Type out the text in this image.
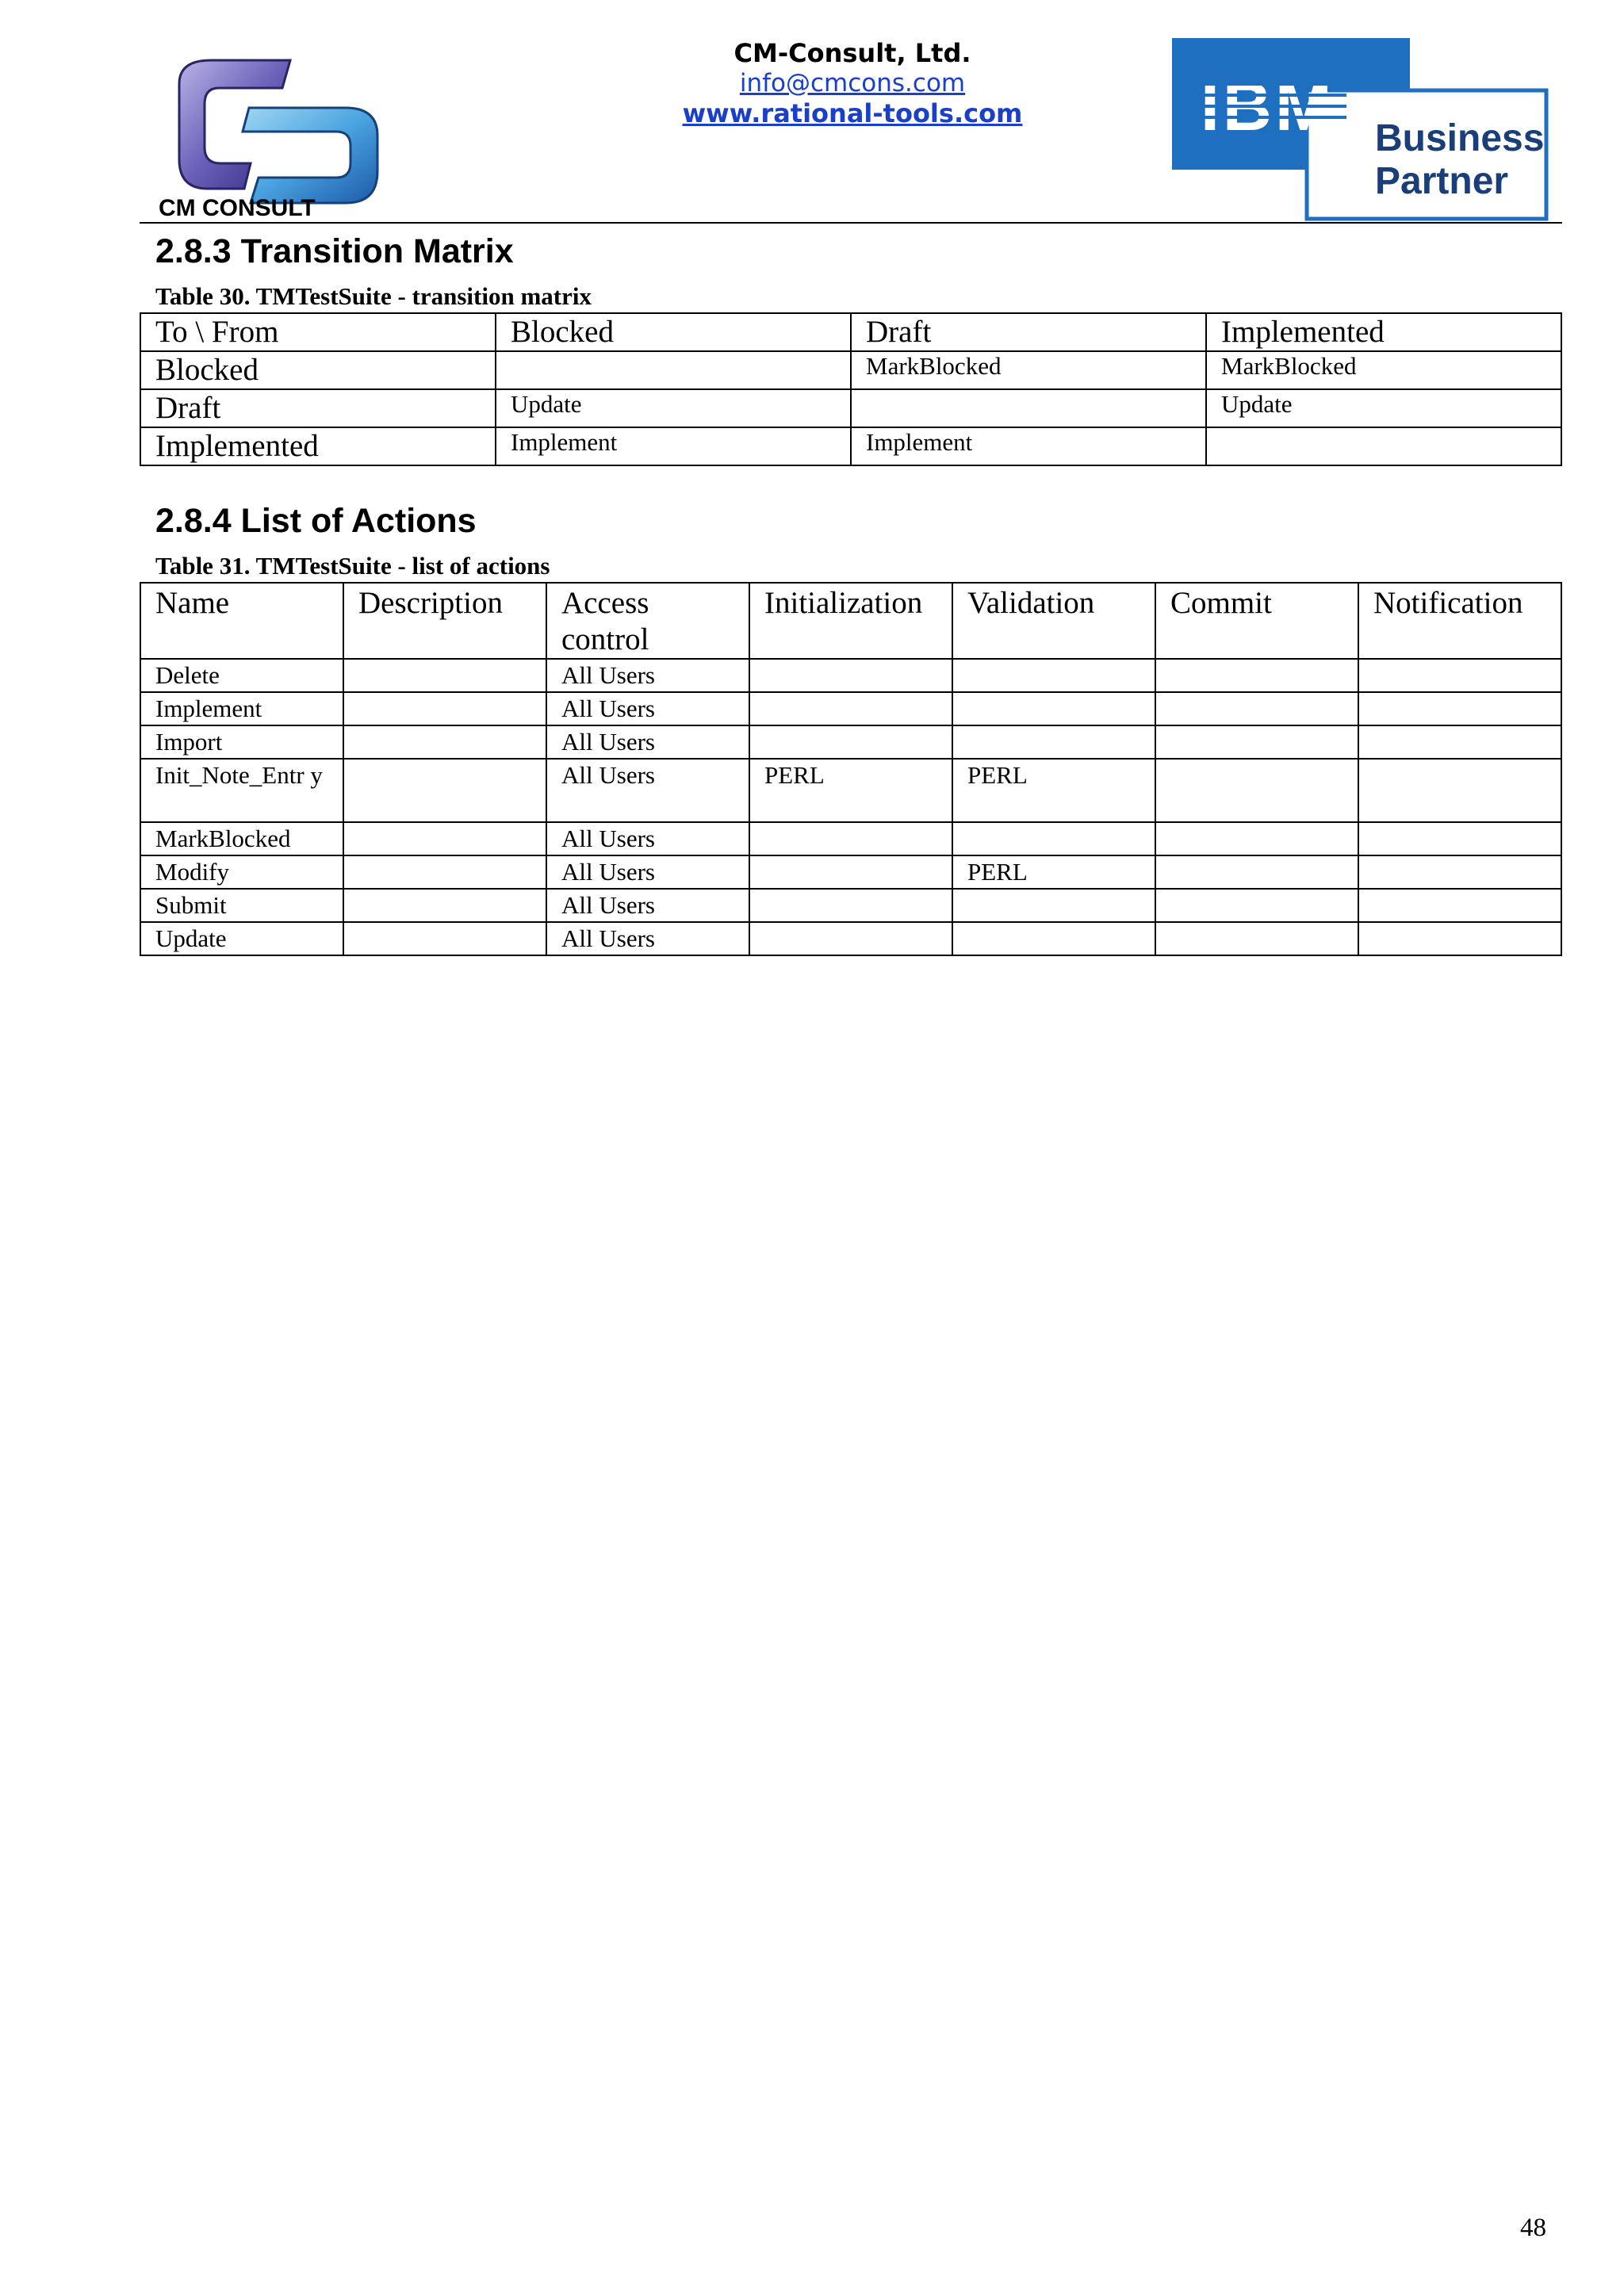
CM CONSULT
CM-Consult, Ltd.
info@cmcons.com
www.rational-tools.com
Business
Partner
2.8.3 Transition Matrix
Table 30. TMTestSuite - transition matrix
To \ From	Blocked	Draft	Implemented
Blocked		MarkBlocked	MarkBlocked
Draft	Update		Update
Implemented	Implement	Implement	
2.8.4 List of Actions
Table 31. TMTestSuite - list of actions
Name	Description	Access control	Initialization	Validation	Commit	Notification
Delete		All Users				
Implement		All Users				
Import		All Users				
Init_Note_Entr y		All Users	PERL	PERL		
MarkBlocked		All Users				
Modify		All Users		PERL		
Submit		All Users				
Update		All Users				
48
